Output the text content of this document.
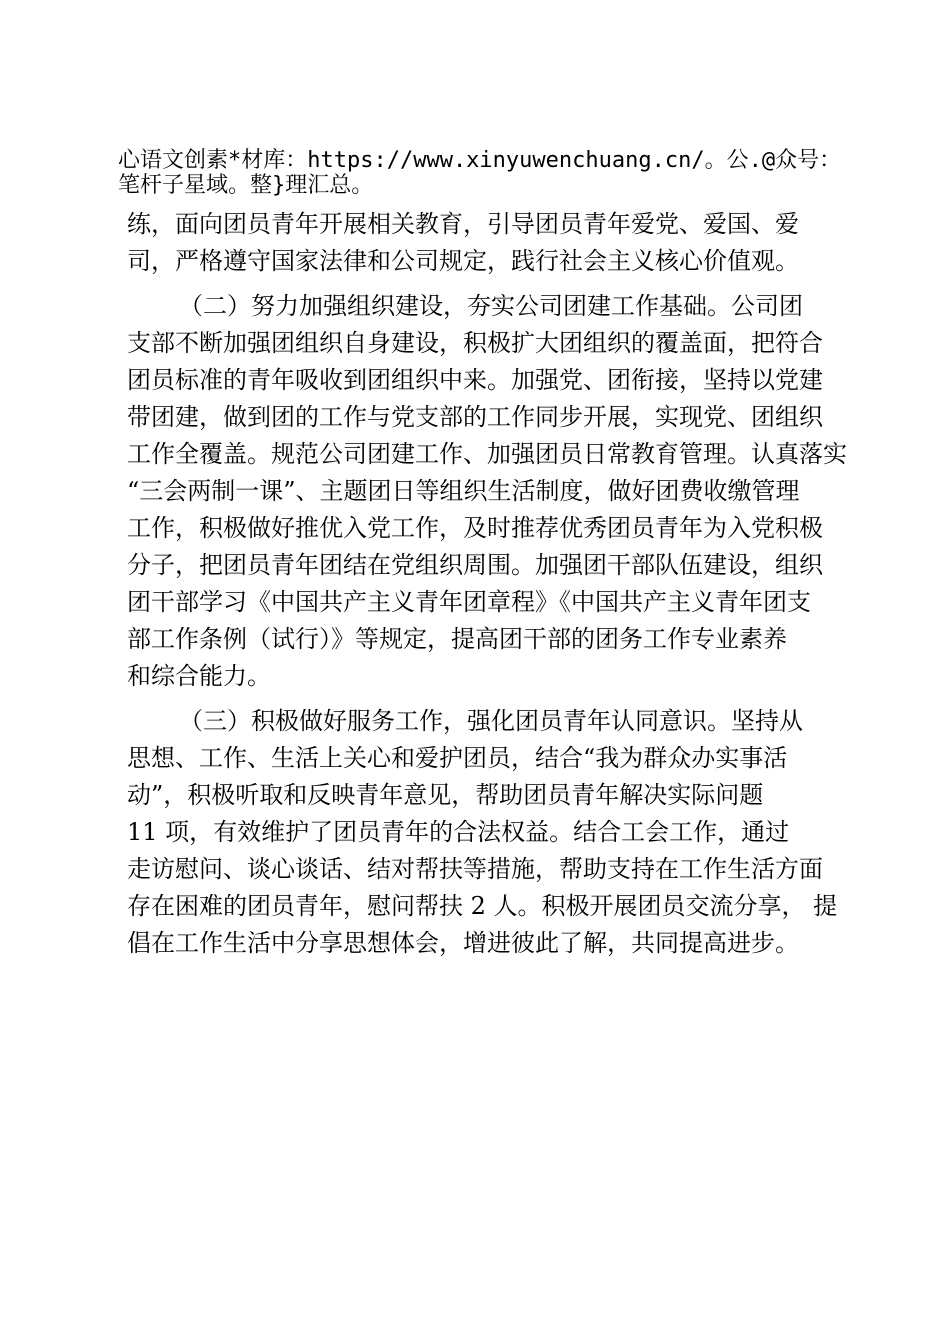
心语文创素*材库：https://www.xinyuwenchuang.cn/。公.@众号：
笔杆子星域。整}理汇总。
练，面向团员青年开展相关教育，引导团员青年爱党、爱国、爱
司，严格遵守国家法律和公司规定，践行社会主义核心价值观。
（二）努力加强组织建设，夯实公司团建工作基础。公司团
支部不断加强团组织自身建设，积极扩大团组织的覆盖面，把符合
团员标准的青年吸收到团组织中来。加强党、团衔接，坚持以党建
带团建，做到团的工作与党支部的工作同步开展，实现党、团组织
工作全覆盖。规范公司团建工作、加强团员日常教育管理。认真落实
“三会两制一课”、主题团日等组织生活制度，做好团费收缴管理
工作，积极做好推优入党工作，及时推荐优秀团员青年为入党积极
分子，把团员青年团结在党组织周围。加强团干部队伍建设，组织
团干部学习《中国共产主义青年团章程》《中国共产主义青年团支
部工作条例（试行）》等规定，提高团干部的团务工作专业素养
和综合能力。
（三）积极做好服务工作，强化团员青年认同意识。坚持从
思想、工作、生活上关心和爱护团员，结合“我为群众办实事活
动”，积极听取和反映青年意见，帮助团员青年解决实际问题
11 项，有效维护了团员青年的合法权益。结合工会工作，通过
走访慰问、谈心谈话、结对帮扶等措施，帮助支持在工作生活方面
存在困难的团员青年，慰问帮扶 2 人。积极开展团员交流分享， 提
倡在工作生活中分享思想体会，增进彼此了解，共同提高进步。
